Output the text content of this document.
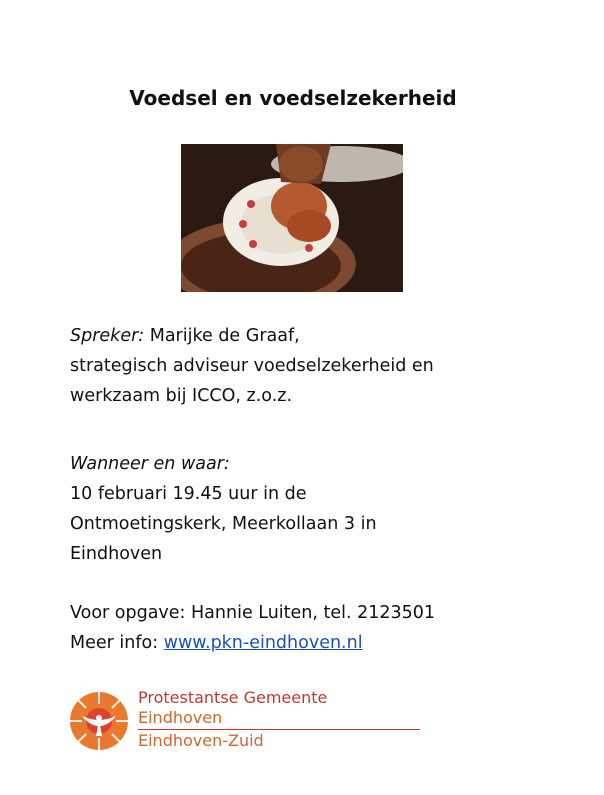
Voedsel en voedselzekerheid
Spreker: Marijke de Graaf,
strategisch adviseur voedselzekerheid en
werkzaam bij ICCO, z.o.z.
Wanneer en waar:
10 februari 19.45 uur in de
Ontmoetingskerk, Meerkollaan 3 in
Eindhoven
Voor opgave: Hannie Luiten, tel. 2123501
Meer info: www.pkn-eindhoven.nl
Protestantse Gemeente
Eindhoven
Eindhoven-Zuid
